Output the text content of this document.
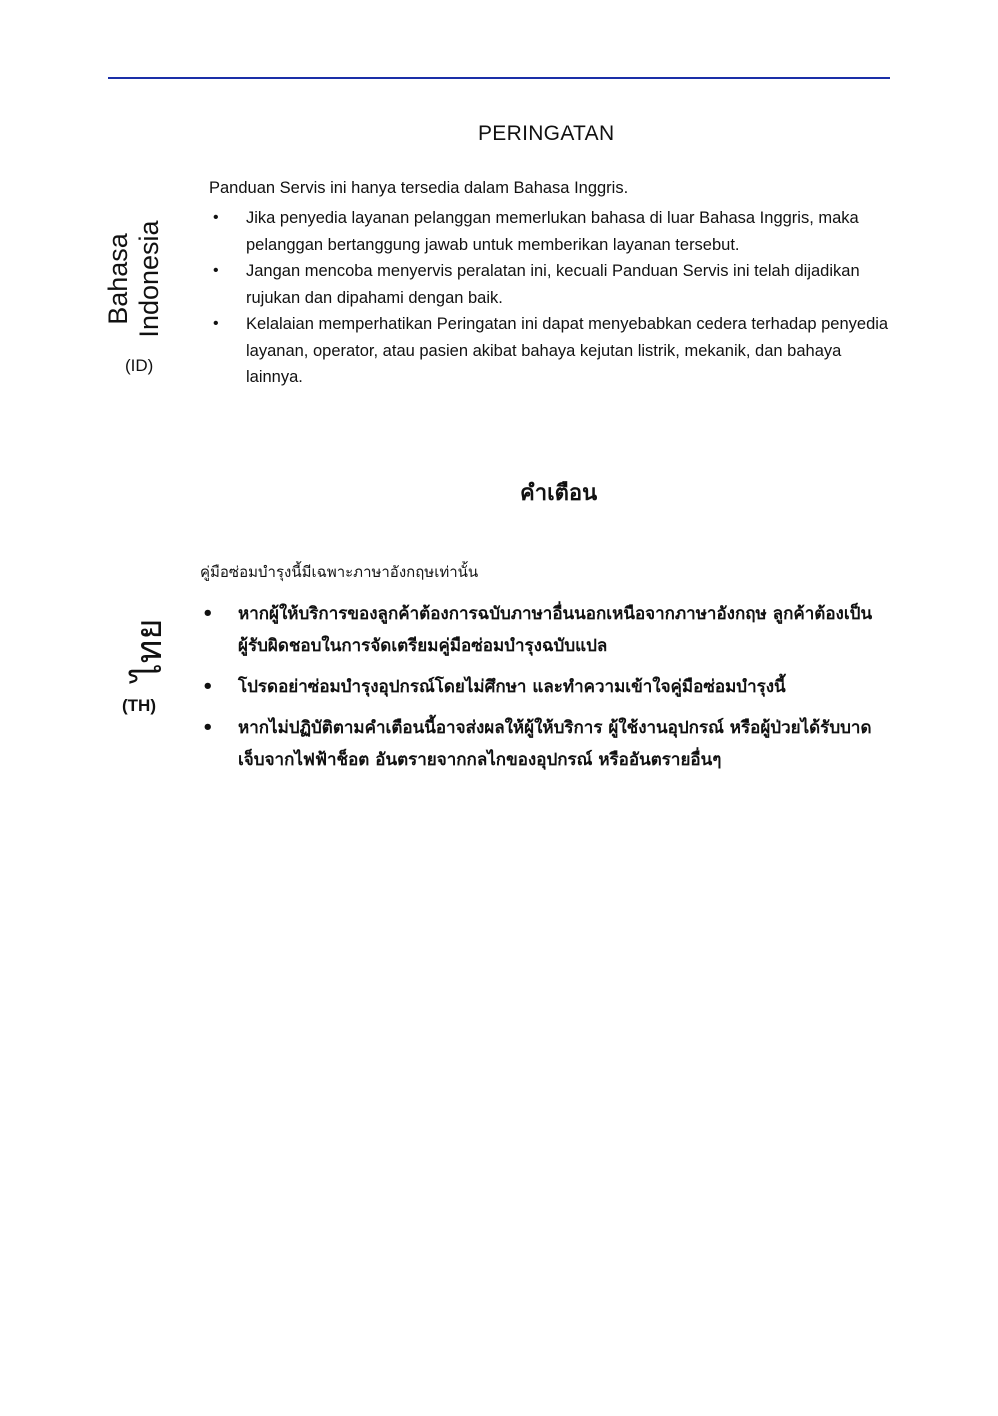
Bahasa Indonesia
(ID)
PERINGATAN
Panduan Servis ini hanya tersedia dalam Bahasa Inggris.
• Jika penyedia layanan pelanggan memerlukan bahasa di luar Bahasa Inggris, maka pelanggan bertanggung jawab untuk memberikan layanan tersebut.
• Jangan mencoba menyervis peralatan ini, kecuali Panduan Servis ini telah dijadikan rujukan dan dipahami dengan baik.
• Kelalaian memperhatikan Peringatan ini dapat menyebabkan cedera terhadap penyedia layanan, operator, atau pasien akibat bahaya kejutan listrik, mekanik, dan bahaya lainnya.
คำเตือน
ไทย
(TH)
คู่มือซ่อมบำรุงนี้มีเฉพาะภาษาอังกฤษเท่านั้น
• หากผู้ให้บริการของลูกค้าต้องการฉบับภาษาอื่นนอกเหนือจากภาษาอังกฤษ ลูกค้าต้องเป็นผู้รับผิดชอบในการจัดเตรียมคู่มือซ่อมบำรุงฉบับแปล
• โปรดอย่าซ่อมบำรุงอุปกรณ์โดยไม่ศึกษา และทำความเข้าใจคู่มือซ่อมบำรุงนี้
• หากไม่ปฏิบัติตามคำเตือนนี้อาจส่งผลให้ผู้ให้บริการ ผู้ใช้งานอุปกรณ์ หรือผู้ป่วยได้รับบาดเจ็บจากไฟฟ้าช็อต อันตรายจากกลไกของอุปกรณ์ หรืออันตรายอื่นๆ
